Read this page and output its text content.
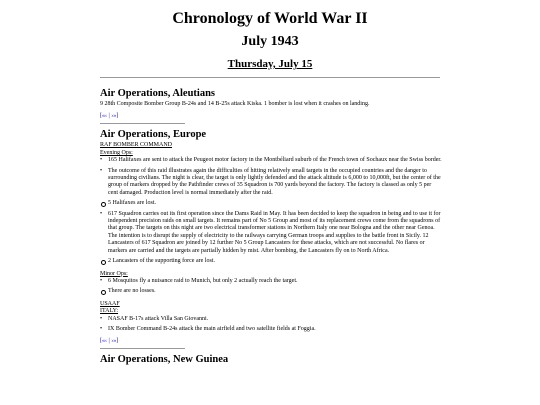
Chronology of World War II
July 1943
Thursday, July 15
Air Operations, Aleutians
9 28th Composite Bomber Group B-24s and 14 B-25s attack Kiska. 1 bomber is lost when it crashes on landing.
[«‹ | ›»]
Air Operations, Europe
RAF BOMBER COMMAND
Evening Ops:
• 165 Halifaxes are sent to attack the Peugeot motor factory in the Montbéliard suburb of the French town of Sochaux near the Swiss border.
• The outcome of this raid illustrates again the difficulties of hitting relatively small targets in the occupied countries and the danger to surrounding civilians. The night is clear, the target is only lightly defended and the attack altitude is 6,000 to 10,000ft, but the center of the group of markers dropped by the Pathfinder crews of 35 Squadron is 700 yards beyond the factory. The factory is classed as only 5 per cent damaged. Production level is normal immediately after the raid.
5 Halifaxes are lost.
• 617 Squadron carries out its first operation since the Dams Raid in May. It has been decided to keep the squadron in being and to use it for independent precision raids on small targets. It remains part of No 5 Group and most of its replacement crews come from the squadrons of that group. The targets on this night are two electrical transformer stations in Northern Italy one near Bologna and the other near Genoa. The intention is to disrupt the supply of electricity to the railways carrying German troops and supplies to the battle front in Sicily. 12 Lancasters of 617 Squadron are joined by 12 further No 5 Group Lancasters for these attacks, which are not successful. No flares or markers are carried and the targets are partially hidden by mist. After bombing, the Lancasters fly on to North Africa.
2 Lancasters of the supporting force are lost.
Minor Ops:
• 6 Mosquitos fly a nuisance raid to Munich, but only 2 actually reach the target.
There are no losses.
USAAF
ITALY:
• NASAF B-17s attack Villa San Giovanni.
• IX Bomber Command B-24s attack the main airfield and two satellite fields at Foggia.
[«‹ | ›»]
Air Operations, New Guinea
